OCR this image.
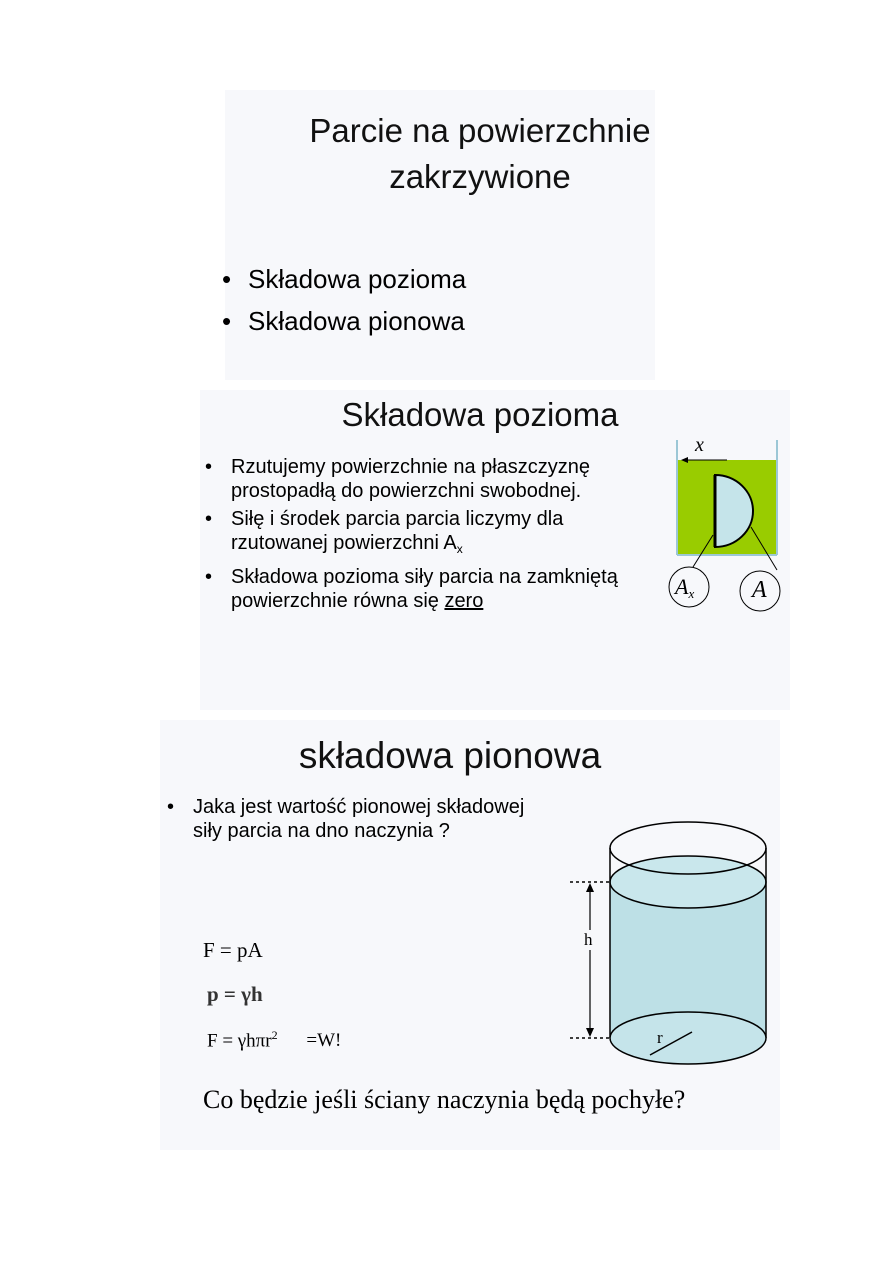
Parcie na powierzchnie
zakrzywione
• Składowa pozioma
• Składowa pionowa
Składowa pozioma
• Rzutujemy powierzchnie na płaszczyznę prostopadłą do powierzchni swobodnej.
• Siłę i środek parcia parcia liczymy dla rzutowanej powierzchni $A_x$
• Składowa pozioma siły parcia na zamkniętą powierzchnie równa się zero
x
$A_x$ A
składowa pionowa
• Jaka jest wartość pionowej składowej siły parcia na dno naczynia ?
F = pA
p = γh
F = γhπr$^2$ =W!
Co będzie jeśli ściany naczynia będą pochyłe?
h
r
